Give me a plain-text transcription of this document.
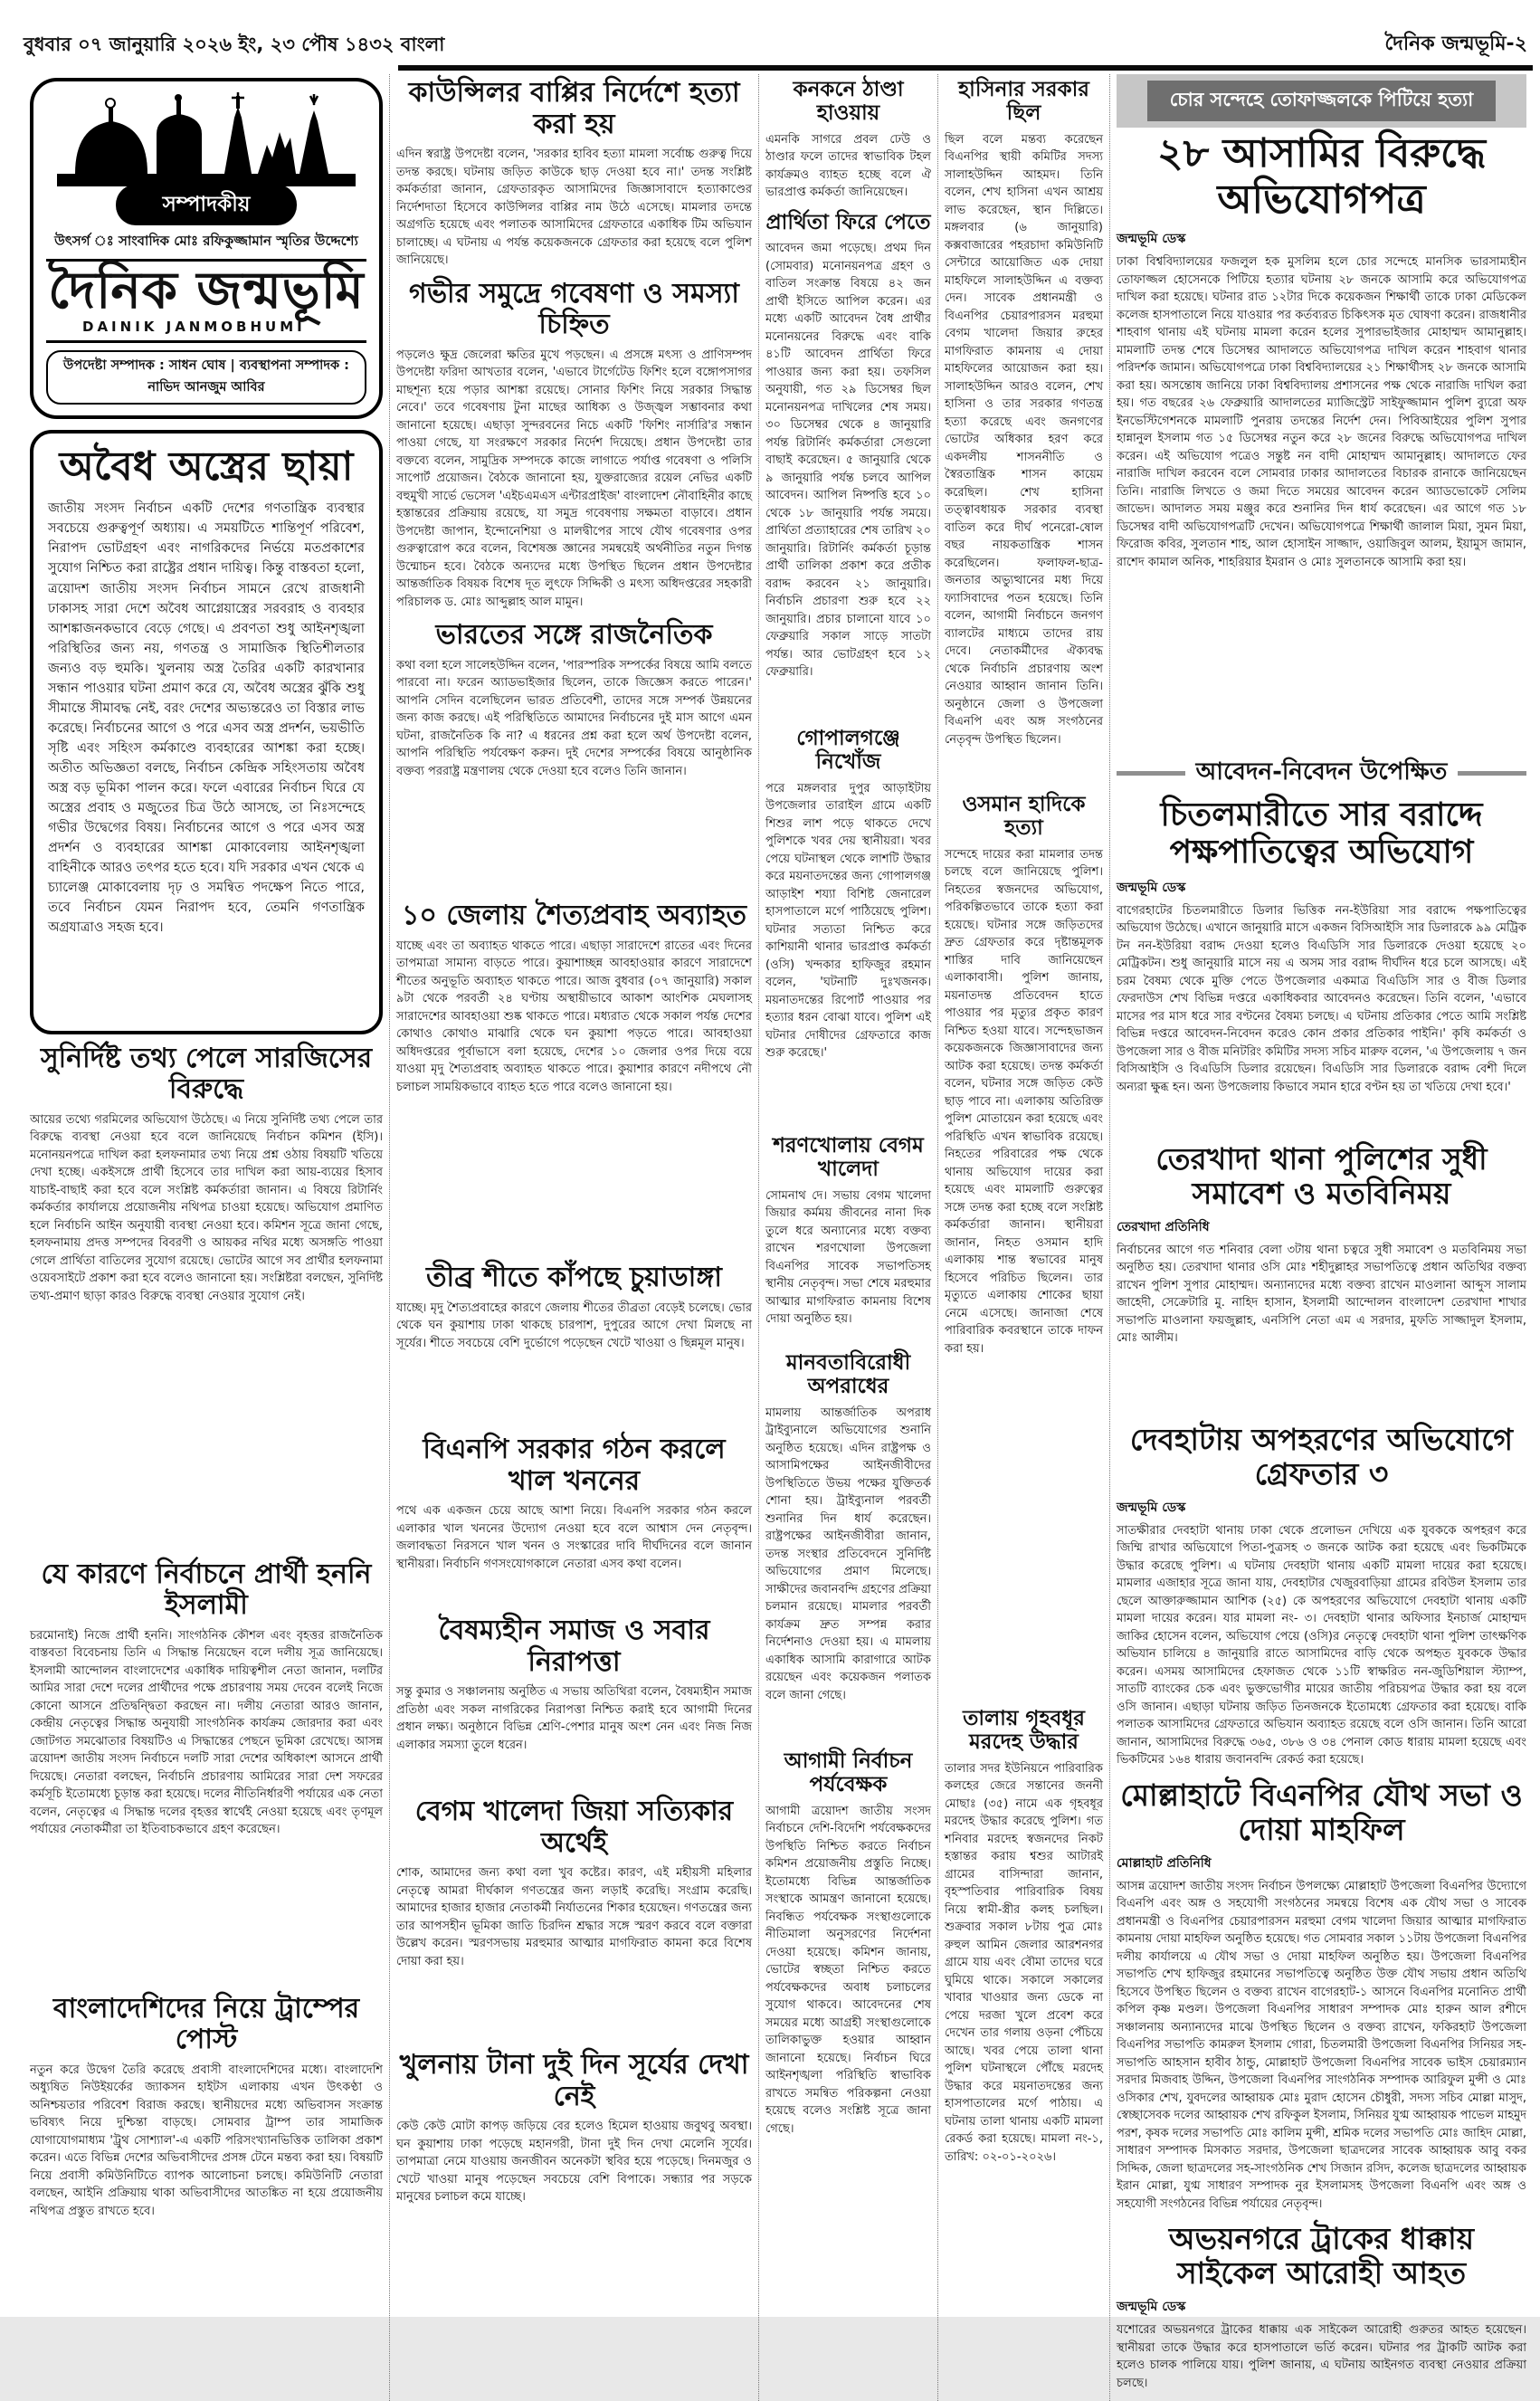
বুধবার ০৭ জানুয়ারি ২০২৬ ইং, ২৩ পৌষ ১৪৩২ বাংলা	দৈনিক জন্মভূমি-২
সম্পাদকীয়
উৎসর্গ ঃ সাংবাদিক মোঃ রফিকুজ্জামান স্মৃতির উদ্দেশ্যে
দৈনিক জন্মভূমি
DAINIK JANMOBHUMI
উপদেষ্টা সম্পাদক : সাধন ঘোষ | ব্যবস্থাপনা সম্পাদক : নাভিদ আনজুম আবির
অবৈধ অস্ত্রের ছায়া
জাতীয় সংসদ নির্বাচন একটি দেশের গণতান্ত্রিক ব্যবস্থার সবচেয়ে গুরুত্বপূর্ণ অধ্যায়। এ সময়টিতে শান্তিপূর্ণ পরিবেশ, নিরাপদ ভোটগ্রহণ এবং নাগরিকদের নির্ভয়ে মতপ্রকাশের সুযোগ নিশ্চিত করা রাষ্ট্রের প্রধান দায়িত্ব। কিন্তু বাস্তবতা হলো, ত্রয়োদশ জাতীয় সংসদ নির্বাচন সামনে রেখে রাজধানী ঢাকাসহ সারা দেশে অবৈধ আগ্নেয়াস্ত্রের সরবরাহ ও ব্যবহার আশঙ্কাজনকভাবে বেড়ে গেছে। এ প্রবণতা শুধু আইনশৃঙ্খলা পরিস্থিতির জন্য নয়, গণতন্ত্র ও সামাজিক স্থিতিশীলতার জন্যও বড় হুমকি। খুলনায় অস্ত্র তৈরির একটি কারখানার সন্ধান পাওয়ার ঘটনা প্রমাণ করে যে, অবৈধ অস্ত্রের ঝুঁকি শুধু সীমান্তে সীমাবদ্ধ নেই, বরং দেশের অভ্যন্তরেও তা বিস্তার লাভ করেছে। নির্বাচনের আগে ও পরে এসব অস্ত্র প্রদর্শন, ভয়ভীতি সৃষ্টি এবং সহিংস কর্মকাণ্ডে ব্যবহারের আশঙ্কা করা হচ্ছে। অতীত অভিজ্ঞতা বলছে, নির্বাচন কেন্দ্রিক সহিংসতায় অবৈধ অস্ত্র বড় ভূমিকা পালন করে। ফলে এবারের নির্বাচন ঘিরে যে অস্ত্রের প্রবাহ ও মজুতের চিত্র উঠে আসছে, তা নিঃসন্দেহে গভীর উদ্বেগের বিষয়। নির্বাচনের আগে ও পরে এসব অস্ত্র প্রদর্শন ও ব্যবহারের আশঙ্কা মোকাবেলায় আইনশৃঙ্খলা বাহিনীকে আরও তৎপর হতে হবে। যদি সরকার এখন থেকে এ চ্যালেঞ্জ মোকাবেলায় দৃঢ় ও সমন্বিত পদক্ষেপ নিতে পারে, তবে নির্বাচন যেমন নিরাপদ হবে, তেমনি গণতান্ত্রিক অগ্রযাত্রাও সহজ হবে।
সুনির্দিষ্ট তথ্য পেলে সারজিসের বিরুদ্ধে
আয়ের তথ্যে গরমিলের অভিযোগ উঠেছে। এ নিয়ে সুনির্দিষ্ট তথ্য পেলে তার বিরুদ্ধে ব্যবস্থা নেওয়া হবে বলে জানিয়েছে নির্বাচন কমিশন (ইসি)। মনোনয়নপত্রে দাখিল করা হলফনামার তথ্য নিয়ে প্রশ্ন ওঠায় বিষয়টি খতিয়ে দেখা হচ্ছে। একইসঙ্গে প্রার্থী হিসেবে তার দাখিল করা আয়-ব্যয়ের হিসাব যাচাই-বাছাই করা হবে বলে সংশ্লিষ্ট কর্মকর্তারা জানান। এ বিষয়ে রিটার্নিং কর্মকর্তার কার্যালয়ে প্রয়োজনীয় নথিপত্র চাওয়া হয়েছে। অভিযোগ প্রমাণিত হলে নির্বাচনি আইন অনুযায়ী ব্যবস্থা নেওয়া হবে। কমিশন সূত্রে জানা গেছে, হলফনামায় প্রদত্ত সম্পদের বিবরণী ও আয়কর নথির মধ্যে অসঙ্গতি পাওয়া গেলে প্রার্থিতা বাতিলের সুযোগ রয়েছে। ভোটের আগে সব প্রার্থীর হলফনামা ওয়েবসাইটে প্রকাশ করা হবে বলেও জানানো হয়। সংশ্লিষ্টরা বলছেন, সুনির্দিষ্ট তথ্য-প্রমাণ ছাড়া কারও বিরুদ্ধে ব্যবস্থা নেওয়ার সুযোগ নেই।
যে কারণে নির্বাচনে প্রার্থী হননি ইসলামী
চরমোনাই) নিজে প্রার্থী হননি। সাংগঠনিক কৌশল এবং বৃহত্তর রাজনৈতিক বাস্তবতা বিবেচনায় তিনি এ সিদ্ধান্ত নিয়েছেন বলে দলীয় সূত্র জানিয়েছে। ইসলামী আন্দোলন বাংলাদেশের একাধিক দায়িত্বশীল নেতা জানান, দলটির আমির সারা দেশে দলের প্রার্থীদের পক্ষে প্রচারণায় সময় দেবেন বলেই নিজে কোনো আসনে প্রতিদ্বন্দ্বিতা করছেন না। দলীয় নেতারা আরও জানান, কেন্দ্রীয় নেতৃত্বের সিদ্ধান্ত অনুযায়ী সাংগঠনিক কার্যক্রম জোরদার করা এবং জোটগত সমঝোতার বিষয়টিও এ সিদ্ধান্তের পেছনে ভূমিকা রেখেছে। আসন্ন ত্রয়োদশ জাতীয় সংসদ নির্বাচনে দলটি সারা দেশের অধিকাংশ আসনে প্রার্থী দিয়েছে। নেতারা বলছেন, নির্বাচনি প্রচারণায় আমিরের সারা দেশ সফরের কর্মসূচি ইতোমধ্যে চূড়ান্ত করা হয়েছে। দলের নীতিনির্ধারণী পর্যায়ের এক নেতা বলেন, নেতৃত্বের এ সিদ্ধান্ত দলের বৃহত্তর স্বার্থেই নেওয়া হয়েছে এবং তৃণমূল পর্যায়ের নেতাকর্মীরা তা ইতিবাচকভাবে গ্রহণ করেছেন।
বাংলাদেশিদের নিয়ে ট্রাম্পের পোস্ট
নতুন করে উদ্বেগ তৈরি করেছে প্রবাসী বাংলাদেশিদের মধ্যে। বাংলাদেশি অধ্যুষিত নিউইয়র্কের জ্যাকসন হাইটস এলাকায় এখন উৎকণ্ঠা ও অনিশ্চয়তার পরিবেশ বিরাজ করছে। স্থানীয়দের মধ্যে অভিবাসন সংক্রান্ত ভবিষ্যৎ নিয়ে দুশ্চিন্তা বাড়ছে। সোমবার ট্রাম্প তার সামাজিক যোগাযোগমাধ্যম 'ট্রুথ সোশ্যাল'-এ একটি পরিসংখ্যানভিত্তিক তালিকা প্রকাশ করেন। এতে বিভিন্ন দেশের অভিবাসীদের প্রসঙ্গ টেনে মন্তব্য করা হয়। বিষয়টি নিয়ে প্রবাসী কমিউনিটিতে ব্যাপক আলোচনা চলছে। কমিউনিটি নেতারা বলছেন, আইনি প্রক্রিয়ায় থাকা অভিবাসীদের আতঙ্কিত না হয়ে প্রয়োজনীয় নথিপত্র প্রস্তুত রাখতে হবে।
কাউন্সিলর বাপ্পির নির্দেশে হত্যা করা হয়
এদিন স্বরাষ্ট্র উপদেষ্টা বলেন, 'সরকার হাবিব হত্যা মামলা সর্বোচ্চ গুরুত্ব দিয়ে তদন্ত করছে। ঘটনায় জড়িত কাউকে ছাড় দেওয়া হবে না।' তদন্ত সংশ্লিষ্ট কর্মকর্তারা জানান, গ্রেফতারকৃত আসামিদের জিজ্ঞাসাবাদে হত্যাকাণ্ডের নির্দেশদাতা হিসেবে কাউন্সিলর বাপ্পির নাম উঠে এসেছে। মামলার তদন্তে অগ্রগতি হয়েছে এবং পলাতক আসামিদের গ্রেফতারে একাধিক টিম অভিযান চালাচ্ছে। এ ঘটনায় এ পর্যন্ত কয়েকজনকে গ্রেফতার করা হয়েছে বলে পুলিশ জানিয়েছে।
গভীর সমুদ্রে গবেষণা ও সমস্যা চিহ্নিত
পড়লেও ক্ষুদ্র জেলেরা ক্ষতির মুখে পড়ছেন। এ প্রসঙ্গে মৎস্য ও প্রাণিসম্পদ উপদেষ্টা ফরিদা আখতার বলেন, 'এভাবে টার্গেটেড ফিশিং হলে বঙ্গোপসাগর মাছশূন্য হয়ে পড়ার আশঙ্কা রয়েছে। সোনার ফিশিং নিয়ে সরকার সিদ্ধান্ত নেবে।' তবে গবেষণায় টুনা মাছের আধিক্য ও উজ্জ্বল সম্ভাবনার কথা জানানো হয়েছে। এছাড়া সুন্দরবনের নিচে একটি 'ফিশিং নার্সারি'র সন্ধান পাওয়া গেছে, যা সংরক্ষণে সরকার নির্দেশ দিয়েছে। প্রধান উপদেষ্টা তার বক্তব্যে বলেন, সামুদ্রিক সম্পদকে কাজে লাগাতে পর্যাপ্ত গবেষণা ও পলিসি সাপোর্ট প্রয়োজন। বৈঠকে জানানো হয়, যুক্তরাজ্যের রয়েল নেভির একটি বহুমুখী সার্ভে ভেসেল 'এইচএমএস এন্টারপ্রাইজ' বাংলাদেশ নৌবাহিনীর কাছে হস্তান্তরের প্রক্রিয়ায় রয়েছে, যা সমুদ্র গবেষণায় সক্ষমতা বাড়াবে। প্রধান উপদেষ্টা জাপান, ইন্দোনেশিয়া ও মালদ্বীপের সাথে যৌথ গবেষণার ওপর গুরুত্বারোপ করে বলেন, বিশেষজ্ঞ জ্ঞানের সমন্বয়েই অর্থনীতির নতুন দিগন্ত উন্মোচন হবে। বৈঠকে অন্যদের মধ্যে উপস্থিত ছিলেন প্রধান উপদেষ্টার আন্তর্জাতিক বিষয়ক বিশেষ দূত লুৎফে সিদ্দিকী ও মৎস্য অধিদপ্তরের সহকারী পরিচালক ড. মোঃ আব্দুল্লাহ আল মামুন।
ভারতের সঙ্গে রাজনৈতিক
কথা বলা হলে সালেহউদ্দিন বলেন, 'পারস্পরিক সম্পর্কের বিষয়ে আমি বলতে পারবো না। ফরেন অ্যাডভাইজার ছিলেন, তাকে জিজ্ঞেস করতে পারেন।' আপনি সেদিন বলেছিলেন ভারত প্রতিবেশী, তাদের সঙ্গে সম্পর্ক উন্নয়নের জন্য কাজ করছে। এই পরিস্থিতিতে আমাদের নির্বাচনের দুই মাস আগে এমন ঘটনা, রাজনৈতিক কি না? এ ধরনের প্রশ্ন করা হলে অর্থ উপদেষ্টা বলেন, আপনি পরিস্থিতি পর্যবেক্ষণ করুন। দুই দেশের সম্পর্কের বিষয়ে আনুষ্ঠানিক বক্তব্য পররাষ্ট্র মন্ত্রণালয় থেকে দেওয়া হবে বলেও তিনি জানান।
১০ জেলায় শৈত্যপ্রবাহ অব্যাহত
যাচ্ছে এবং তা অব্যাহত থাকতে পারে। এছাড়া সারাদেশে রাতের এবং দিনের তাপমাত্রা সামান্য বাড়তে পারে। কুয়াশাচ্ছন্ন আবহাওয়ার কারণে সারাদেশে শীতের অনুভূতি অব্যাহত থাকতে পারে। আজ বুধবার (০৭ জানুয়ারি) সকাল ৯টা থেকে পরবর্তী ২৪ ঘণ্টায় অস্থায়ীভাবে আকাশ আংশিক মেঘলাসহ সারাদেশের আবহাওয়া শুষ্ক থাকতে পারে। মধ্যরাত থেকে সকাল পর্যন্ত দেশের কোথাও কোথাও মাঝারি থেকে ঘন কুয়াশা পড়তে পারে। আবহাওয়া অধিদপ্তরের পূর্বাভাসে বলা হয়েছে, দেশের ১০ জেলার ওপর দিয়ে বয়ে যাওয়া মৃদু শৈত্যপ্রবাহ অব্যাহত থাকতে পারে। কুয়াশার কারণে নদীপথে নৌ চলাচল সাময়িকভাবে ব্যাহত হতে পারে বলেও জানানো হয়।
তীব্র শীতে কাঁপছে চুয়াডাঙ্গা
যাচ্ছে। মৃদু শৈত্যপ্রবাহের কারণে জেলায় শীতের তীব্রতা বেড়েই চলেছে। ভোর থেকে ঘন কুয়াশায় ঢাকা থাকছে চারপাশ, দুপুরের আগে দেখা মিলছে না সূর্যের। শীতে সবচেয়ে বেশি দুর্ভোগে পড়েছেন খেটে খাওয়া ও ছিন্নমূল মানুষ।
বিএনপি সরকার গঠন করলে খাল খননের
পথে এক একজন চেয়ে আছে আশা নিয়ে। বিএনপি সরকার গঠন করলে এলাকার খাল খননের উদ্যোগ নেওয়া হবে বলে আশ্বাস দেন নেতৃবৃন্দ। জলাবদ্ধতা নিরসনে খাল খনন ও সংস্কারের দাবি দীর্ঘদিনের বলে জানান স্থানীয়রা। নির্বাচনি গণসংযোগকালে নেতারা এসব কথা বলেন।
বৈষম্যহীন সমাজ ও সবার নিরাপত্তা
সন্তু কুমার ও সঞ্চালনায় অনুষ্ঠিত এ সভায় অতিথিরা বলেন, বৈষম্যহীন সমাজ প্রতিষ্ঠা এবং সকল নাগরিকের নিরাপত্তা নিশ্চিত করাই হবে আগামী দিনের প্রধান লক্ষ্য। অনুষ্ঠানে বিভিন্ন শ্রেণি-পেশার মানুষ অংশ নেন এবং নিজ নিজ এলাকার সমস্যা তুলে ধরেন।
বেগম খালেদা জিয়া সত্যিকার অর্থেই
শোক, আমাদের জন্য কথা বলা খুব কষ্টের। কারণ, এই মহীয়সী মহিলার নেতৃত্বে আমরা দীর্ঘকাল গণতন্ত্রের জন্য লড়াই করেছি। সংগ্রাম করেছি। আমাদের হাজার হাজার নেতাকর্মী নির্যাতনের শিকার হয়েছেন। গণতন্ত্রের জন্য তার আপসহীন ভূমিকা জাতি চিরদিন শ্রদ্ধার সঙ্গে স্মরণ করবে বলে বক্তারা উল্লেখ করেন। স্মরণসভায় মরহুমার আত্মার মাগফিরাত কামনা করে বিশেষ দোয়া করা হয়।
খুলনায় টানা দুই দিন সূর্যের দেখা নেই
কেউ কেউ মোটা কাপড় জড়িয়ে বের হলেও হিমেল হাওয়ায় জবুথবু অবস্থা। ঘন কুয়াশায় ঢাকা পড়েছে মহানগরী, টানা দুই দিন দেখা মেলেনি সূর্যের। তাপমাত্রা নেমে যাওয়ায় জনজীবন অনেকটা স্থবির হয়ে পড়েছে। দিনমজুর ও খেটে খাওয়া মানুষ পড়েছেন সবচেয়ে বেশি বিপাকে। সন্ধ্যার পর সড়কে মানুষের চলাচল কমে যাচ্ছে।
কনকনে ঠাণ্ডা হাওয়ায়
এমনকি সাগরে প্রবল ঢেউ ও ঠাণ্ডার ফলে তাদের স্বাভাবিক টহল কার্যক্রমও ব্যাহত হচ্ছে বলে ঐ ভারপ্রাপ্ত কর্মকর্তা জানিয়েছেন।
প্রার্থিতা ফিরে পেতে
আবেদন জমা পড়েছে। প্রথম দিন (সোমবার) মনোনয়নপত্র গ্রহণ ও বাতিল সংক্রান্ত বিষয়ে ৪২ জন প্রার্থী ইসিতে আপিল করেন। এর মধ্যে একটি আবেদন বৈধ প্রার্থীর মনোনয়নের বিরুদ্ধে এবং বাকি ৪১টি আবেদন প্রার্থিতা ফিরে পাওয়ার জন্য করা হয়। তফসিল অনুযায়ী, গত ২৯ ডিসেম্বর ছিল মনোনয়নপত্র দাখিলের শেষ সময়। ৩০ ডিসেম্বর থেকে ৪ জানুয়ারি পর্যন্ত রিটার্নিং কর্মকর্তারা সেগুলো বাছাই করেছেন। ৫ জানুয়ারি থেকে ৯ জানুয়ারি পর্যন্ত চলবে আপিল আবেদন। আপিল নিষ্পত্তি হবে ১০ থেকে ১৮ জানুয়ারি পর্যন্ত সময়ে। প্রার্থিতা প্রত্যাহারের শেষ তারিখ ২০ জানুয়ারি। রিটার্নিং কর্মকর্তা চূড়ান্ত প্রার্থী তালিকা প্রকাশ করে প্রতীক বরাদ্দ করবেন ২১ জানুয়ারি। নির্বাচনি প্রচারণা শুরু হবে ২২ জানুয়ারি। প্রচার চালানো যাবে ১০ ফেব্রুয়ারি সকাল সাড়ে সাতটা পর্যন্ত। আর ভোটগ্রহণ হবে ১২ ফেব্রুয়ারি।
গোপালগঞ্জে নিখোঁজ
পরে মঙ্গলবার দুপুর আড়াইটায় উপজেলার তারাইল গ্রামে একটি শিশুর লাশ পড়ে থাকতে দেখে পুলিশকে খবর দেয় স্থানীয়রা। খবর পেয়ে ঘটনাস্থল থেকে লাশটি উদ্ধার করে ময়নাতদন্তের জন্য গোপালগঞ্জ আড়াইশ শয্যা বিশিষ্ট জেনারেল হাসপাতালে মর্গে পাঠিয়েছে পুলিশ। ঘটনার সত্যতা নিশ্চিত করে কাশিয়ানী থানার ভারপ্রাপ্ত কর্মকর্তা (ওসি) খন্দকার হাফিজুর রহমান বলেন, 'ঘটনাটি দুঃখজনক। ময়নাতদন্তের রিপোর্ট পাওয়ার পর হত্যার ধরন বোঝা যাবে। পুলিশ এই ঘটনার দোষীদের গ্রেফতারে কাজ শুরু করেছে।'
শরণখোলায় বেগম খালেদা
সোমনাথ দে। সভায় বেগম খালেদা জিয়ার কর্মময় জীবনের নানা দিক তুলে ধরে অন্যান্যের মধ্যে বক্তব্য রাখেন শরণখোলা উপজেলা বিএনপির সাবেক সভাপতিসহ স্থানীয় নেতৃবৃন্দ। সভা শেষে মরহুমার আত্মার মাগফিরাত কামনায় বিশেষ দোয়া অনুষ্ঠিত হয়।
মানবতাবিরোধী অপরাধের
মামলায় আন্তর্জাতিক অপরাধ ট্রাইব্যুনালে অভিযোগের শুনানি অনুষ্ঠিত হয়েছে। এদিন রাষ্ট্রপক্ষ ও আসামিপক্ষের আইনজীবীদের উপস্থিতিতে উভয় পক্ষের যুক্তিতর্ক শোনা হয়। ট্রাইব্যুনাল পরবর্তী শুনানির দিন ধার্য করেছেন। রাষ্ট্রপক্ষের আইনজীবীরা জানান, তদন্ত সংস্থার প্রতিবেদনে সুনির্দিষ্ট অভিযোগের প্রমাণ মিলেছে। সাক্ষীদের জবানবন্দি গ্রহণের প্রক্রিয়া চলমান রয়েছে। মামলার পরবর্তী কার্যক্রম দ্রুত সম্পন্ন করার নির্দেশনাও দেওয়া হয়। এ মামলায় একাধিক আসামি কারাগারে আটক রয়েছেন এবং কয়েকজন পলাতক বলে জানা গেছে।
আগামী নির্বাচন পর্যবেক্ষক
আগামী ত্রয়োদশ জাতীয় সংসদ নির্বাচনে দেশি-বিদেশি পর্যবেক্ষকদের উপস্থিতি নিশ্চিত করতে নির্বাচন কমিশন প্রয়োজনীয় প্রস্তুতি নিচ্ছে। ইতোমধ্যে বিভিন্ন আন্তর্জাতিক সংস্থাকে আমন্ত্রণ জানানো হয়েছে। নিবন্ধিত পর্যবেক্ষক সংস্থাগুলোকে নীতিমালা অনুসরণের নির্দেশনা দেওয়া হয়েছে। কমিশন জানায়, ভোটের স্বচ্ছতা নিশ্চিত করতে পর্যবেক্ষকদের অবাধ চলাচলের সুযোগ থাকবে। আবেদনের শেষ সময়ের মধ্যে আগ্রহী সংস্থাগুলোকে তালিকাভুক্ত হওয়ার আহ্বান জানানো হয়েছে। নির্বাচন ঘিরে আইনশৃঙ্খলা পরিস্থিতি স্বাভাবিক রাখতে সমন্বিত পরিকল্পনা নেওয়া হয়েছে বলেও সংশ্লিষ্ট সূত্রে জানা গেছে।
হাসিনার সরকার ছিল
ছিল বলে মন্তব্য করেছেন বিএনপির স্থায়ী কমিটির সদস্য সালাহউদ্দিন আহমদ। তিনি বলেন, শেখ হাসিনা এখন আশ্রয় লাভ করেছেন, স্থান দিল্লিতে। মঙ্গলবার (৬ জানুয়ারি) কক্সবাজারের পহরচাদা কমিউনিটি সেন্টারে আয়োজিত এক দোয়া মাহফিলে সালাহউদ্দিন এ বক্তব্য দেন। সাবেক প্রধানমন্ত্রী ও বিএনপির চেয়ারপারসন মরহুমা বেগম খালেদা জিয়ার রুহের মাগফিরাত কামনায় এ দোয়া মাহফিলের আয়োজন করা হয়। সালাহউদ্দিন আরও বলেন, শেখ হাসিনা ও তার সরকার গণতন্ত্র হত্যা করেছে এবং জনগণের ভোটের অধিকার হরণ করে একদলীয় শাসননীতি ও স্বৈরতান্ত্রিক শাসন কায়েম করেছিল। শেখ হাসিনা তত্ত্বাবধায়ক সরকার ব্যবস্থা বাতিল করে দীর্ঘ পনেরো-ষোল বছর নায়কতান্ত্রিক শাসন করেছিলেন। ফলাফল-ছাত্র-জনতার অভ্যুত্থানের মধ্য দিয়ে ফ্যাসিবাদের পতন হয়েছে। তিনি বলেন, আগামী নির্বাচনে জনগণ ব্যালটের মাধ্যমে তাদের রায় দেবে। নেতাকর্মীদের ঐক্যবদ্ধ থেকে নির্বাচনি প্রচারণায় অংশ নেওয়ার আহ্বান জানান তিনি। অনুষ্ঠানে জেলা ও উপজেলা বিএনপি এবং অঙ্গ সংগঠনের নেতৃবৃন্দ উপস্থিত ছিলেন।
ওসমান হাদিকে হত্যা
সন্দেহে দায়ের করা মামলার তদন্ত চলছে বলে জানিয়েছে পুলিশ। নিহতের স্বজনদের অভিযোগ, পরিকল্পিতভাবে তাকে হত্যা করা হয়েছে। ঘটনার সঙ্গে জড়িতদের দ্রুত গ্রেফতার করে দৃষ্টান্তমূলক শাস্তির দাবি জানিয়েছেন এলাকাবাসী। পুলিশ জানায়, ময়নাতদন্ত প্রতিবেদন হাতে পাওয়ার পর মৃত্যুর প্রকৃত কারণ নিশ্চিত হওয়া যাবে। সন্দেহভাজন কয়েকজনকে জিজ্ঞাসাবাদের জন্য আটক করা হয়েছে। তদন্ত কর্মকর্তা বলেন, ঘটনার সঙ্গে জড়িত কেউ ছাড় পাবে না। এলাকায় অতিরিক্ত পুলিশ মোতায়েন করা হয়েছে এবং পরিস্থিতি এখন স্বাভাবিক রয়েছে। নিহতের পরিবারের পক্ষ থেকে থানায় অভিযোগ দায়ের করা হয়েছে এবং মামলাটি গুরুত্বের সঙ্গে তদন্ত করা হচ্ছে বলে সংশ্লিষ্ট কর্মকর্তারা জানান। স্থানীয়রা জানান, নিহত ওসমান হাদি এলাকায় শান্ত স্বভাবের মানুষ হিসেবে পরিচিত ছিলেন। তার মৃত্যুতে এলাকায় শোকের ছায়া নেমে এসেছে। জানাজা শেষে পারিবারিক কবরস্থানে তাকে দাফন করা হয়।
তালায় গৃহবধূর মরদেহ উদ্ধার
তালার সদর ইউনিয়নে পারিবারিক কলহের জেরে সন্তানের জননী মোছাঃ (৩৫) নামে এক গৃহবধূর মরদেহ উদ্ধার করেছে পুলিশ। গত শনিবার মরদেহ স্বজনদের নিকট হস্তান্তর করায় শ্বশুর আটারই গ্রামের বাসিন্দারা জানান, বৃহস্পতিবার পারিবারিক বিষয় নিয়ে স্বামী-স্ত্রীর কলহ চলছিল। শুক্রবার সকাল ৮টায় পুত্র মোঃ রুহুল আমিন জেলার আরশনগর গ্রামে যায় এবং বৌমা তাদের ঘরে ঘুমিয়ে থাকে। সকালে সকালের খাবার খাওয়ার জন্য ডেকে না পেয়ে দরজা খুলে প্রবেশ করে দেখেন তার গলায় ওড়না পেঁচিয়ে আছে। খবর পেয়ে তালা থানা পুলিশ ঘটনাস্থলে পৌঁছে মরদেহ উদ্ধার করে ময়নাতদন্তের জন্য হাসপাতালের মর্গে পাঠায়। এ ঘটনায় তালা থানায় একটি মামলা রেকর্ড করা হয়েছে। মামলা নং-১, তারিখ: ০২-০১-২০২৬।
চোর সন্দেহে তোফাজ্জলকে পিটিয়ে হত্যা
২৮ আসামির বিরুদ্ধে অভিযোগপত্র
জন্মভূমি ডেস্ক
ঢাকা বিশ্ববিদ্যালয়ের ফজলুল হক মুসলিম হলে চোর সন্দেহে মানসিক ভারসাম্যহীন তোফাজ্জল হোসেনকে পিটিয়ে হত্যার ঘটনায় ২৮ জনকে আসামি করে অভিযোগপত্র দাখিল করা হয়েছে। ঘটনার রাত ১২টার দিকে কয়েকজন শিক্ষার্থী তাকে ঢাকা মেডিকেল কলেজ হাসপাতালে নিয়ে যাওয়ার পর কর্তব্যরত চিকিৎসক মৃত ঘোষণা করেন। রাজধানীর শাহবাগ থানায় এই ঘটনায় মামলা করেন হলের সুপারভাইজার মোহাম্মদ আমানুল্লাহ। মামলাটি তদন্ত শেষে ডিসেম্বর আদালতে অভিযোগপত্র দাখিল করেন শাহবাগ থানার পরিদর্শক জামান। অভিযোগপত্রে ঢাকা বিশ্ববিদ্যালয়ের ২১ শিক্ষার্থীসহ ২৮ জনকে আসামি করা হয়। অসন্তোষ জানিয়ে ঢাকা বিশ্ববিদ্যালয় প্রশাসনের পক্ষ থেকে নারাজি দাখিল করা হয়। গত বছরের ২৬ ফেব্রুয়ারি আদালতের ম্যাজিস্ট্রেট সাইফুজ্জামান পুলিশ ব্যুরো অফ ইনভেস্টিগেশনকে মামলাটি পুনরায় তদন্তের নির্দেশ দেন। পিবিআইয়ের পুলিশ সুপার হান্নানুল ইসলাম গত ১৫ ডিসেম্বর নতুন করে ২৮ জনের বিরুদ্ধে অভিযোগপত্র দাখিল করেন। এই অভিযোগ পত্রেও সন্তুষ্ট নন বাদী মোহাম্মদ আমানুল্লাহ। আদালতে ফের নারাজি দাখিল করবেন বলে সোমবার ঢাকার আদালতের বিচারক রানাকে জানিয়েছেন তিনি। নারাজি লিখতে ও জমা দিতে সময়ের আবেদন করেন অ্যাডভোকেট সেলিম জাভেদ। আদালত সময় মঞ্জুর করে শুনানির দিন ধার্য করেছেন। এর আগে গত ১৮ ডিসেম্বর বাদী অভিযোগপত্রটি দেখেন। অভিযোগপত্রে শিক্ষার্থী জালাল মিয়া, সুমন মিয়া, ফিরোজ কবির, সুলতান শাহ, আল হোসাইন সাজ্জাদ, ওয়াজিবুল আলম, ইয়ামুস জামান, রাশেদ কামাল অনিক, শাহরিয়ার ইমরান ও মোঃ সুলতানকে আসামি করা হয়।
আবেদন-নিবেদন উপেক্ষিত
চিতলমারীতে সার বরাদ্দে পক্ষপাতিত্বের অভিযোগ
জন্মভূমি ডেস্ক
বাগেরহাটের চিতলমারীতে ডিলার ভিত্তিক নন-ইউরিয়া সার বরাদ্দে পক্ষপাতিত্বের অভিযোগ উঠেছে। এখানে জানুয়ারি মাসে একজন বিসিআইসি সার ডিলারকে ৯৯ মেট্রিক টন নন-ইউরিয়া বরাদ্দ দেওয়া হলেও বিএডিসি সার ডিলারকে দেওয়া হয়েছে ২০ মেট্রিকটন। শুধু জানুয়ারি মাসে নয় এ অসম সার বরাদ্দ দীর্ঘদিন ধরে চলে আসছে। এই চরম বৈষম্য থেকে মুক্তি পেতে উপজেলার একমাত্র বিএডিসি সার ও বীজ ডিলার ফেরদাউস শেখ বিভিন্ন দপ্তরে একাধিকবার আবেদনও করেছেন। তিনি বলেন, 'এভাবে মাসের পর মাস ধরে সার বণ্টনের বৈষম্য চলছে। এ ঘটনায় প্রতিকার পেতে আমি সংশ্লিষ্ট বিভিন্ন দপ্তরে আবেদন-নিবেদন করেও কোন প্রকার প্রতিকার পাইনি।' কৃষি কর্মকর্তা ও উপজেলা সার ও বীজ মনিটরিং কমিটির সদস্য সচিব মারুফ বলেন, 'এ উপজেলায় ৭ জন বিসিআইসি ও বিএডিসি ডিলার রয়েছেন। বিএডিসি সার ডিলারকে বরাদ্দ বেশী দিলে অন্যরা ক্ষুব্ধ হন। অন্য উপজেলায় কিভাবে সমান হারে বণ্টন হয় তা খতিয়ে দেখা হবে।'
তেরখাদা থানা পুলিশের সুধী সমাবেশ ও মতবিনিময়
তেরখাদা প্রতিনিধি
নির্বাচনের আগে গত শনিবার বেলা ৩টায় থানা চত্বরে সুধী সমাবেশ ও মতবিনিময় সভা অনুষ্ঠিত হয়। তেরখাদা থানার ওসি মোঃ শহীদুল্লাহর সভাপতিত্বে প্রধান অতিথির বক্তব্য রাখেন পুলিশ সুপার মোহাম্মদ। অন্যান্যদের মধ্যে বক্তব্য রাখেন মাওলানা আব্দুস সালাম জাহেদী, সেক্রেটারি মু. নাহিদ হাসান, ইসলামী আন্দোলন বাংলাদেশ তেরখাদা শাখার সভাপতি মাওলানা ফয়জুল্লাহ, এনসিপি নেতা এম এ সরদার, মুফতি সাজ্জাদুল ইসলাম, মোঃ আলীম।
দেবহাটায় অপহরণের অভিযোগে গ্রেফতার ৩
জন্মভূমি ডেস্ক
সাতক্ষীরার দেবহাটা থানায় ঢাকা থেকে প্রলোভন দেখিয়ে এক যুবককে অপহরণ করে জিম্মি রাখার অভিযোগে পিতা-পুত্রসহ ৩ জনকে আটক করা হয়েছে এবং ভিকটিমকে উদ্ধার করেছে পুলিশ। এ ঘটনায় দেবহাটা থানায় একটি মামলা দায়ের করা হয়েছে। মামলার এজাহার সূত্রে জানা যায়, দেবহাটার খেজুরবাড়িয়া গ্রামের রবিউল ইসলাম তার ছেলে আক্তারুজ্জামান আশিক (২৫) কে অপহরণের অভিযোগে দেবহাটা থানায় একটি মামলা দায়ের করেন। যার মামলা নং- ৩। দেবহাটা থানার অফিসার ইনচার্জ মোহাম্মদ জাকির হোসেন বলেন, অভিযোগ পেয়ে (ওসি)র নেতৃত্বে দেবহাটা থানা পুলিশ তাৎক্ষণিক অভিযান চালিয়ে ৪ জানুয়ারি রাতে আসামিদের বাড়ি থেকে অপহৃত যুবককে উদ্ধার করেন। এসময় আসামিদের হেফাজত থেকে ১১টি স্বাক্ষরিত নন-জুডিশিয়াল স্ট্যাম্প, সাতটি ব্যাংকের চেক এবং ভুক্তভোগীর মায়ের জাতীয় পরিচয়পত্র উদ্ধার করা হয় বলে ওসি জানান। এছাড়া ঘটনায় জড়িত তিনজনকে ইতোমধ্যে গ্রেফতার করা হয়েছে। বাকি পলাতক আসামিদের গ্রেফতারে অভিযান অব্যাহত রয়েছে বলে ওসি জানান। তিনি আরো জানান, আসামিদের বিরুদ্ধে ৩৬৫, ৩৮৬ ও ৩৪ পেনাল কোড ধারায় মামলা হয়েছে এবং ভিকটিমের ১৬৪ ধারায় জবানবন্দি রেকর্ড করা হয়েছে।
মোল্লাহাটে বিএনপির যৌথ সভা ও দোয়া মাহফিল
মোল্লাহাট প্রতিনিধি
আসন্ন ত্রয়োদশ জাতীয় সংসদ নির্বাচন উপলক্ষ্যে মোল্লাহাট উপজেলা বিএনপির উদ্যোগে বিএনপি এবং অঙ্গ ও সহযোগী সংগঠনের সমন্বয়ে বিশেষ এক যৌথ সভা ও সাবেক প্রধানমন্ত্রী ও বিএনপির চেয়ারপারসন মরহুমা বেগম খালেদা জিয়ার আত্মার মাগফিরাত কামনায় দোয়া মাহফিল অনুষ্ঠিত হয়েছে। গত সোমবার সকাল ১১টায় উপজেলা বিএনপির দলীয় কার্যালয়ে এ যৌথ সভা ও দোয়া মাহফিল অনুষ্ঠিত হয়। উপজেলা বিএনপির সভাপতি শেখ হাফিজুর রহমানের সভাপতিত্বে অনুষ্ঠিত উক্ত যৌথ সভায় প্রধান অতিথি হিসেবে উপস্থিত ছিলেন ও বক্তব্য রাখেন বাগেরহাট-১ আসনে বিএনপির মনোনিত প্রার্থী কপিল কৃষ্ণ মণ্ডল। উপজেলা বিএনপির সাধারণ সম্পাদক মোঃ হারুন আল রশীদে সঞ্চালনায় অন্যান্যদের মাঝে উপস্থিত ছিলেন ও বক্তব্য রাখেন, ফকিরহাট উপজেলা বিএনপির সভাপতি কামরুল ইসলাম গোরা, চিতলমারী উপজেলা বিএনপির সিনিয়র সহ-সভাপতি আহসান হাবীব ঠান্ডু, মোল্লাহাট উপজেলা বিএনপির সাবেক ভাইস চেয়ারম্যান সরদার মিজবাহ উদ্দিন, উপজেলা বিএনপির সাংগঠনিক সম্পাদক আরিফুল মুন্সী ও মোঃ ওসিকার শেখ, যুবদলের আহ্বায়ক মোঃ মুরাদ হোসেন চৌধুরী, সদস্য সচিব মোল্লা মাসুদ, স্বেচ্ছাসেবক দলের আহ্বায়ক শেখ রফিকুল ইসলাম, সিনিয়র যুগ্ম আহ্বায়ক পাভেল মাহমুদ পরশ, কৃষক দলের সভাপতি মোঃ কালিম মুন্সী, শ্রমিক দলের সভাপতি মোঃ জাহিদ মোল্লা, সাধারণ সম্পাদক মিসকাত সরদার, উপজেলা ছাত্রদলের সাবেক আহ্বায়ক আবু বকর সিদ্দিক, জেলা ছাত্রদলের সহ-সাংগঠনিক শেখ সিজান রসিদ, কলেজ ছাত্রদলের আহ্বায়ক ইরান মোল্লা, যুগ্ম সাধারণ সম্পাদক নুর ইসলামসহ উপজেলা বিএনপি এবং অঙ্গ ও সহযোগী সংগঠনের বিভিন্ন পর্যায়ের নেতৃবৃন্দ।
অভয়নগরে ট্রাকের ধাক্কায় সাইকেল আরোহী আহত
জন্মভূমি ডেস্ক
যশোরের অভয়নগরে ট্রাকের ধাক্কায় এক সাইকেল আরোহী গুরুতর আহত হয়েছেন। স্থানীয়রা তাকে উদ্ধার করে হাসপাতালে ভর্তি করেন। ঘটনার পর ট্রাকটি আটক করা হলেও চালক পালিয়ে যায়। পুলিশ জানায়, এ ঘটনায় আইনগত ব্যবস্থা নেওয়ার প্রক্রিয়া চলছে।
